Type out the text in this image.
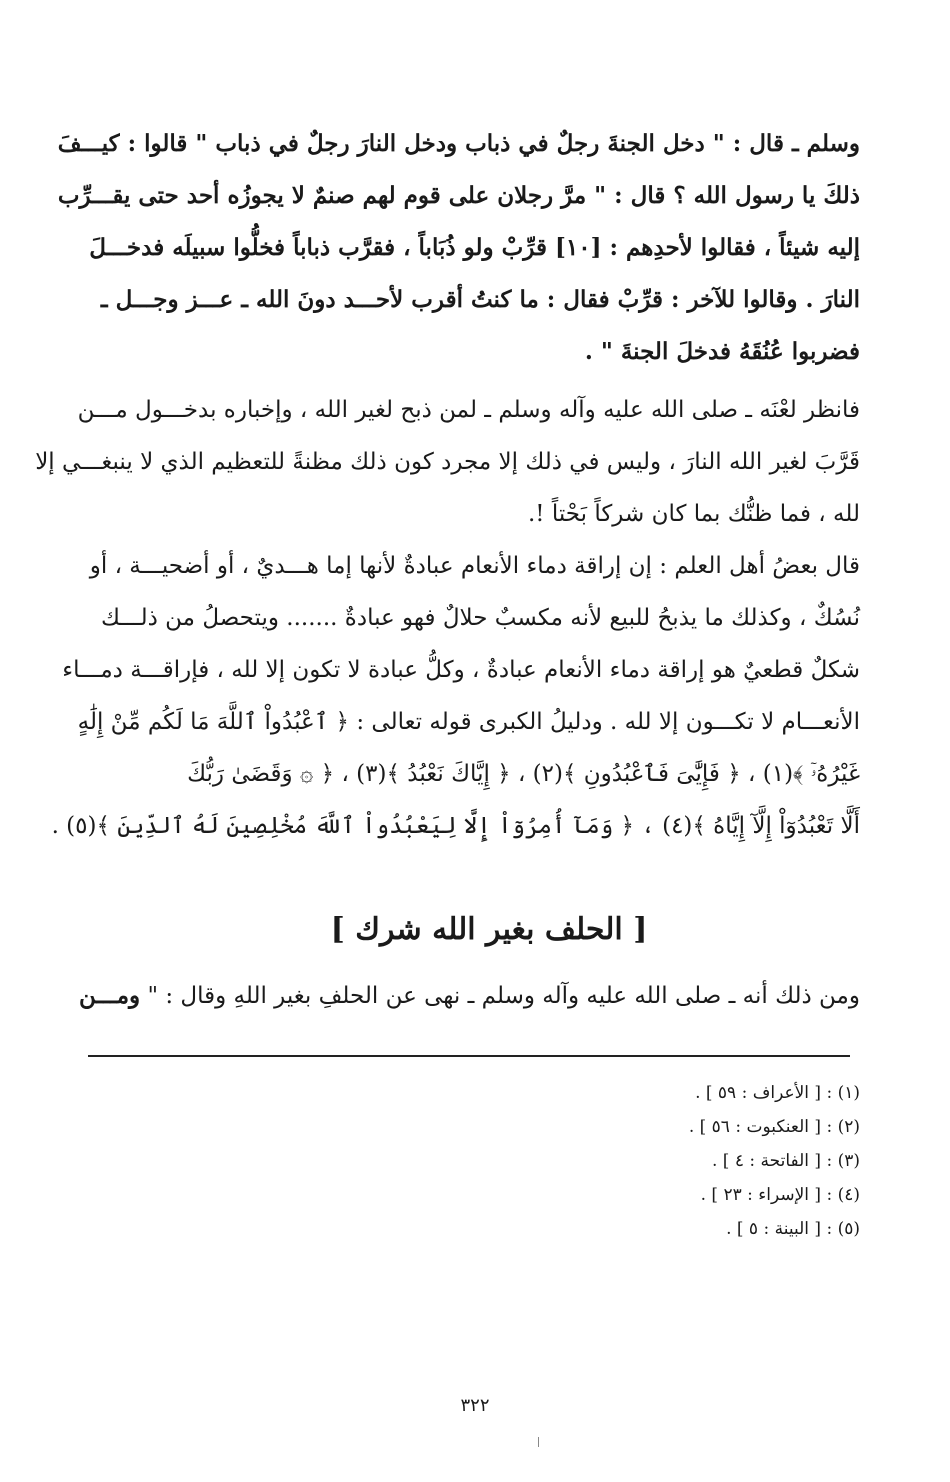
وسلم ـ قال : " دخل الجنةَ رجلٌ في ذباب ودخل النارَ رجلٌ في ذباب " قالوا : كيـــفَ
ذلكَ يا رسول الله ؟ قال : " مرَّ رجلان على قوم لهم صنمٌ لا يجوزُه أحد حتى يقـــرِّب
إليه شيئاً ، فقالوا لأحدِهم : [١٠] قرِّبْ ولو ذُبَاباً ، فقرَّب ذباباً فخلُّوا سبيلَه فدخـــلَ
النارَ . وقالوا للآخر : قرِّبْ فقال : ما كنتُ أقرب لأحـــد دونَ الله ـ عـــز وجـــل ـ
فضربوا عُنُقَهُ فدخلَ الجنةَ " .
فانظر لعْنَه ـ صلى الله عليه وآله وسلم ـ لمن ذبح لغير الله ، وإخباره بدخـــول مـــن
قَرَّبَ لغير الله النارَ ، وليس في ذلك إلا مجرد كون ذلك مظنةً للتعظيم الذي لا ينبغـــي إلا
لله ، فما ظنُّك بما كان شركاً بَحْتاً !.
قال بعضُ أهل العلم : إن إراقة دماء الأنعام عبادةٌ لأنها إما هـــديٌ ، أو أضحيـــة ، أو
نُسُكٌ ، وكذلك ما يذبحُ للبيع لأنه مكسبٌ حلالٌ فهو عبادةٌ ....... ويتحصلُ من ذلـــك
شكلٌ قطعيٌ هو إراقة دماء الأنعام عبادةٌ ، وكلُّ عبادة لا تكون إلا لله ، فإراقـــة دمـــاء
الأنعـــام لا تكـــون إلا لله . ودليلُ الكبرى قوله تعالى : ﴿ ٱعْبُدُواْ ٱللَّهَ مَا لَكُم مِّنْ إِلَٰهٍ
غَيْرُهُۥٓ ﴾(١) ، ﴿ فَإِيَّٰىَ فَٱعْبُدُونِ ﴾(٢) ، ﴿ إِيَّاكَ نَعْبُدُ ﴾(٣) ، ﴿ ۞ وَقَضَىٰ رَبُّكَ
أَلَّا تَعْبُدُوٓاْ إِلَّآ إِيَّاهُ ﴾(٤) ، ﴿ وَمَآ أُمِرُوٓاْ إِلَّا لِيَعْبُدُواْ ٱللَّهَ مُخْلِصِينَ لَهُ ٱلدِّينَ ﴾(٥) .
[ الحلف بغير الله شرك ]
ومن ذلك أنه ـ صلى الله عليه وآله وسلم ـ نهى عن الحلفِ بغير اللهِ وقال : " ومـــن
(١) : [ الأعراف : ٥٩ ] .
(٢) : [ العنكبوت : ٥٦ ] .
(٣) : [ الفاتحة : ٤ ] .
(٤) : [ الإسراء : ٢٣ ] .
(٥) : [ البينة : ٥ ] .
٣٢٢
